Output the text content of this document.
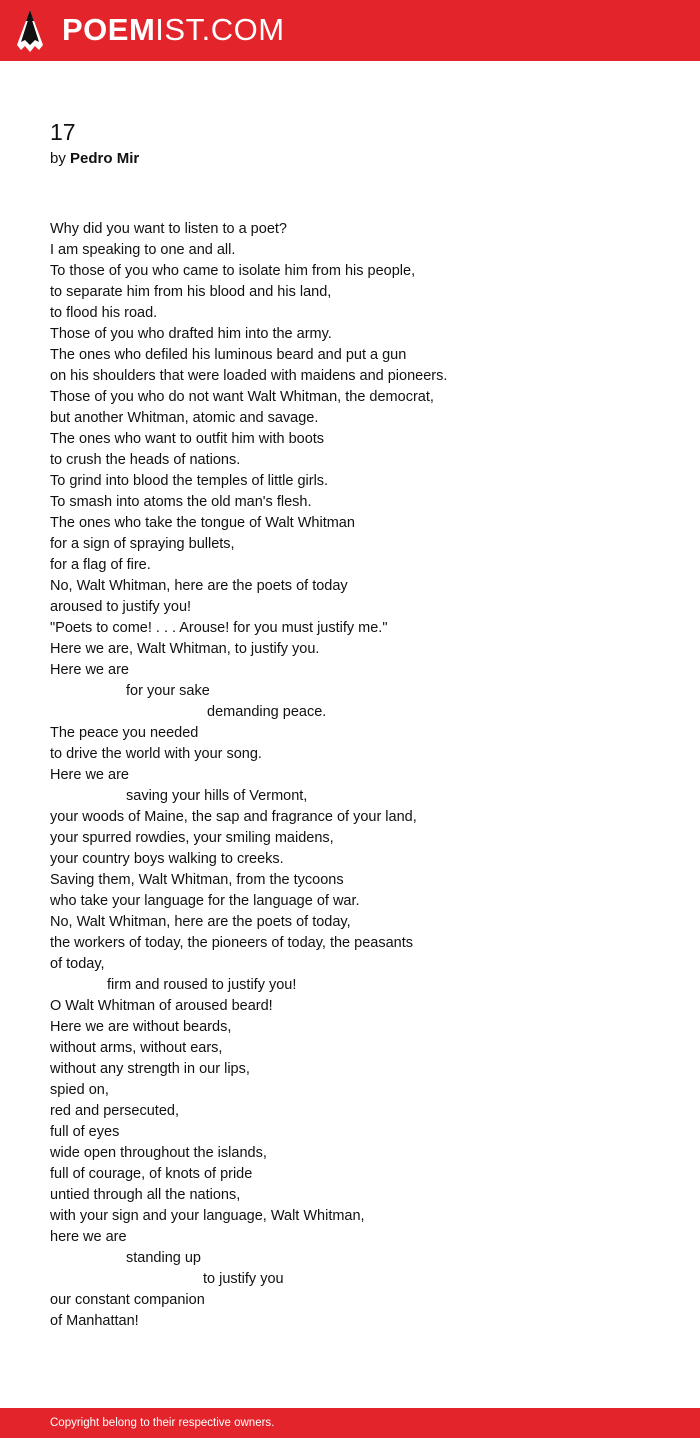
POEMIST.COM
17
by Pedro Mir
Why did you want to listen to a poet?
I am speaking to one and all.
To those of you who came to isolate him from his people,
to separate him from his blood and his land,
to flood his road.
Those of you who drafted him into the army.
The ones who defiled his luminous beard and put a gun
on his shoulders that were loaded with maidens and pioneers.
Those of you who do not want Walt Whitman, the democrat,
but another Whitman, atomic and savage.
The ones who want to outfit him with boots
to crush the heads of nations.
To grind into blood the temples of little girls.
To smash into atoms the old man's flesh.
The ones who take the tongue of Walt Whitman
for a sign of spraying bullets,
for a flag of fire.
No, Walt Whitman, here are the poets of today
aroused to justify you!
"Poets to come! . . . Arouse! for you must justify me."
Here we are, Walt Whitman, to justify you.
Here we are
for your sake
demanding peace.
The peace you needed
to drive the world with your song.
Here we are
saving your hills of Vermont,
your woods of Maine, the sap and fragrance of your land,
your spurred rowdies, your smiling maidens,
your country boys walking to creeks.
Saving them, Walt Whitman, from the tycoons
who take your language for the language of war.
No, Walt Whitman, here are the poets of today,
the workers of today, the pioneers of today, the peasants
of today,
firm and roused to justify you!
O Walt Whitman of aroused beard!
Here we are without beards,
without arms, without ears,
without any strength in our lips,
spied on,
red and persecuted,
full of eyes
wide open throughout the islands,
full of courage, of knots of pride
untied through all the nations,
with your sign and your language, Walt Whitman,
here we are
standing up
to justify you
our constant companion
of Manhattan!
Copyright belong to their respective owners.
